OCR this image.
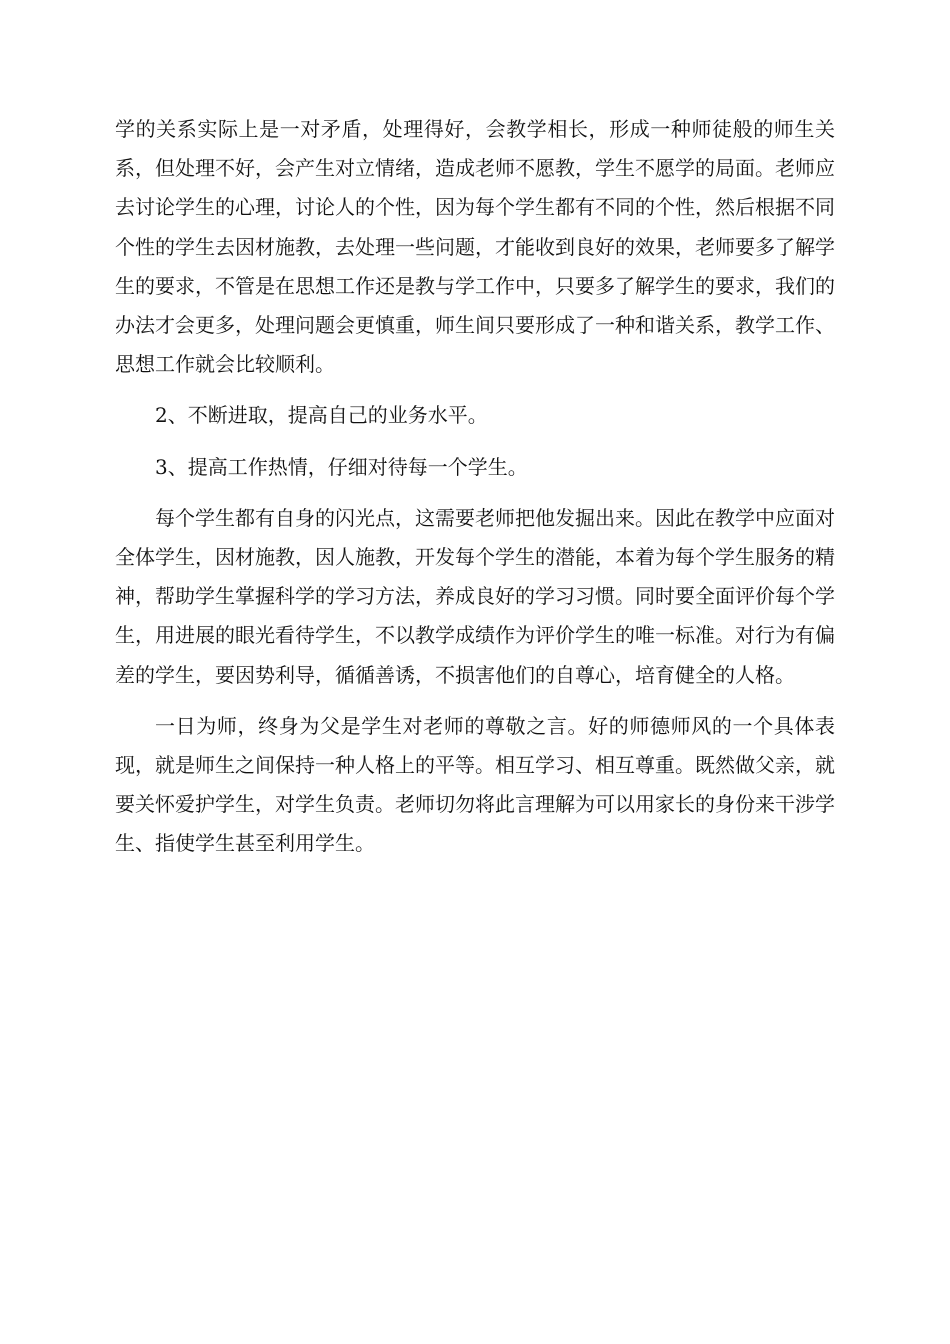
学的关系实际上是一对矛盾，处理得好，会教学相长，形成一种师徒般的师生关系，但处理不好，会产生对立情绪，造成老师不愿教，学生不愿学的局面。老师应去讨论学生的心理，讨论人的个性，因为每个学生都有不同的个性，然后根据不同个性的学生去因材施教，去处理一些问题，才能收到良好的效果，老师要多了解学生的要求，不管是在思想工作还是教与学工作中，只要多了解学生的要求，我们的办法才会更多，处理问题会更慎重，师生间只要形成了一种和谐关系，教学工作、思想工作就会比较顺利。

2、不断进取，提高自己的业务水平。

3、提高工作热情，仔细对待每一个学生。

每个学生都有自身的闪光点，这需要老师把他发掘出来。因此在教学中应面对全体学生，因材施教，因人施教，开发每个学生的潜能，本着为每个学生服务的精神，帮助学生掌握科学的学习方法，养成良好的学习习惯。同时要全面评价每个学生，用进展的眼光看待学生，不以教学成绩作为评价学生的唯一标准。对行为有偏差的学生，要因势利导，循循善诱，不损害他们的自尊心，培育健全的人格。

一日为师，终身为父是学生对老师的尊敬之言。好的师德师风的一个具体表现，就是师生之间保持一种人格上的平等。相互学习、相互尊重。既然做父亲，就要关怀爱护学生，对学生负责。老师切勿将此言理解为可以用家长的身份来干涉学生、指使学生甚至利用学生。
